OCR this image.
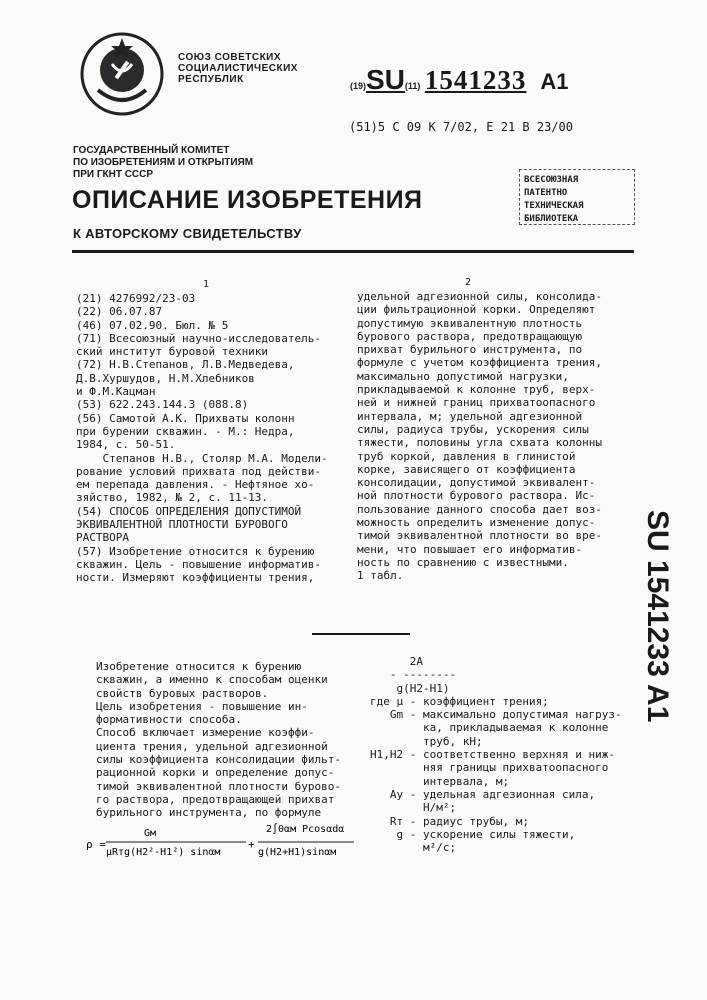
СОЮЗ СОВЕТСКИХ
СОЦИАЛИСТИЧЕСКИХ
РЕСПУБЛИК
(19)SU(11) 1541233 A1
(51)5 C 09 K 7/02, E 21 B 23/00
ГОСУДАРСТВЕННЫЙ КОМИТЕТ
ПО ИЗОБРЕТЕНИЯМ И ОТКРЫТИЯМ
ПРИ ГКНТ СССР	ВСЕСОЮЗНАЯ
ПАТЕНТНО ТЕХНИЧЕСКАЯ
БИБЛИОТЕКА
ОПИСАНИЕ ИЗОБРЕТЕНИЯ
К АВТОРСКОМУ СВИДЕТЕЛЬСТВУ
1	2
(21) 4276992/23-03
(22) 06.07.87
(46) 07.02.90. Бюл. № 5
(71) Всесоюзный научно-исследователь-
ский институт буровой техники
(72) Н.В.Степанов, Л.В.Медведева,
Д.В.Хуршудов, Н.М.Хлебников
и Ф.М.Кацман
(53) 622.243.144.3 (088.8)
(56) Самотой А.К. Прихваты колонн
при бурении скважин. - М.: Недра,
1984, с. 50-51.
Степанов Н.В., Столяр М.А. Модели-
рование условий прихвата под действи-
ем перепада давления. - Нефтяное хо-
зяйство, 1982, № 2, с. 11-13.
(54) СПОСОБ ОПРЕДЕЛЕНИЯ ДОПУСТИМОЙ
ЭКВИВАЛЕНТНОЙ ПЛОТНОСТИ БУРОВОГО
РАСТВОРА
(57) Изобретение относится к бурению
скважин. Цель - повышение информатив-
ности. Измеряют коэффициенты трения,
удельной адгезионной силы, консолида-
ции фильтрационной корки. Определяют
допустимую эквивалентную плотность
бурового раствора, предотвращающую
прихват бурильного инструмента, по
формуле с учетом коэффициента трения,
максимально допустимой нагрузки,
прикладываемой к колонне труб, верх-
ней и нижней границ прихватоопасного
интервала, м; удельной адгезионной
силы, радиуса трубы, ускорения силы
тяжести, половины угла схвата колонны
труб коркой, давления в глинистой
корке, зависящего от коэффициента
консолидации, допустимой эквивалент-
ной плотности бурового раствора. Ис-
пользование данного способа дает воз-
можность определить изменение допус-
тимой эквивалентной плотности во вре-
мени, что повышает его информатив-
ность по сравнению с известными.
1 табл.	SU 1541233 A1
Изобретение относится к бурению
скважин, а именно к способам оценки
свойств буровых растворов.
Цель изобретения - повышение ин-
формативности способа.
Способ включает измерение коэффи-
циента трения, удельной адгезионной
силы коэффициента консолидации фильт-
рационной корки и определение допус-
тимой эквивалентной плотности бурово-
го раствора, предотвращающей прихват
бурильного инструмента, по формуле
2A
- --------
g(H2-H1)
где μ - коэффициент трения;
Gm - максимально допустимая нагруз-
ка, прикладываемая к колонне
труб, кН;
H1,H2 - соответственно верхняя и ниж-
няя границы прихватоопасного
интервала, м;
Ay - удельная адгезионная сила,
Н/м²;
Rт - радиус трубы, м;
g - ускорение силы тяжести,
м²/с;
ρ =
Gм
μRтg(H2²-H1²) sinαм
+
2∫0αм Pcosαdα
g(H2+H1)sinαм
